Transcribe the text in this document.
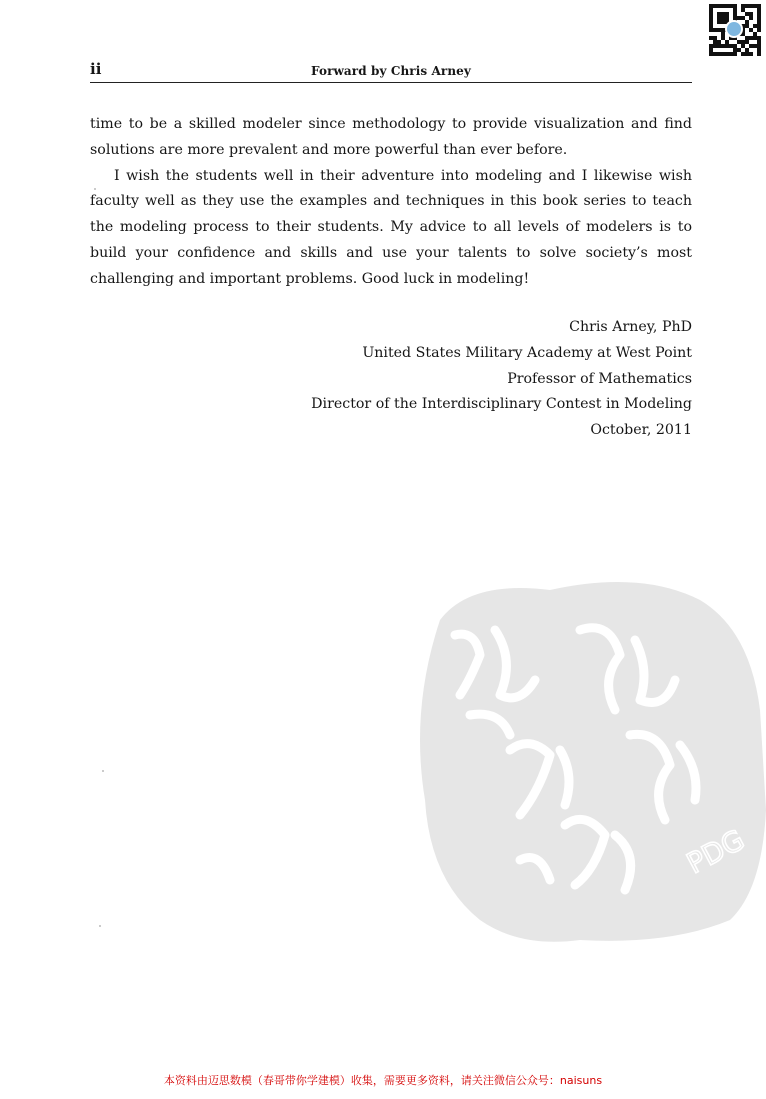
ii	Forward by Chris Arney

time to be a skilled modeler since methodology to provide visualization and find solutions are more prevalent and more powerful than ever before.

I wish the students well in their adventure into modeling and I likewise wish faculty well as they use the examples and techniques in this book series to teach the modeling process to their students. My advice to all levels of modelers is to build your confidence and skills and use your talents to solve society’s most challenging and important problems. Good luck in modeling!

Chris Arney, PhD
United States Military Academy at West Point
Professor of Mathematics
Director of the Interdisciplinary Contest in Modeling
October, 2011
PDG
本资料由迈思数模（春哥带你学建模）收集，需要更多资料，请关注微信公众号：naisuns
